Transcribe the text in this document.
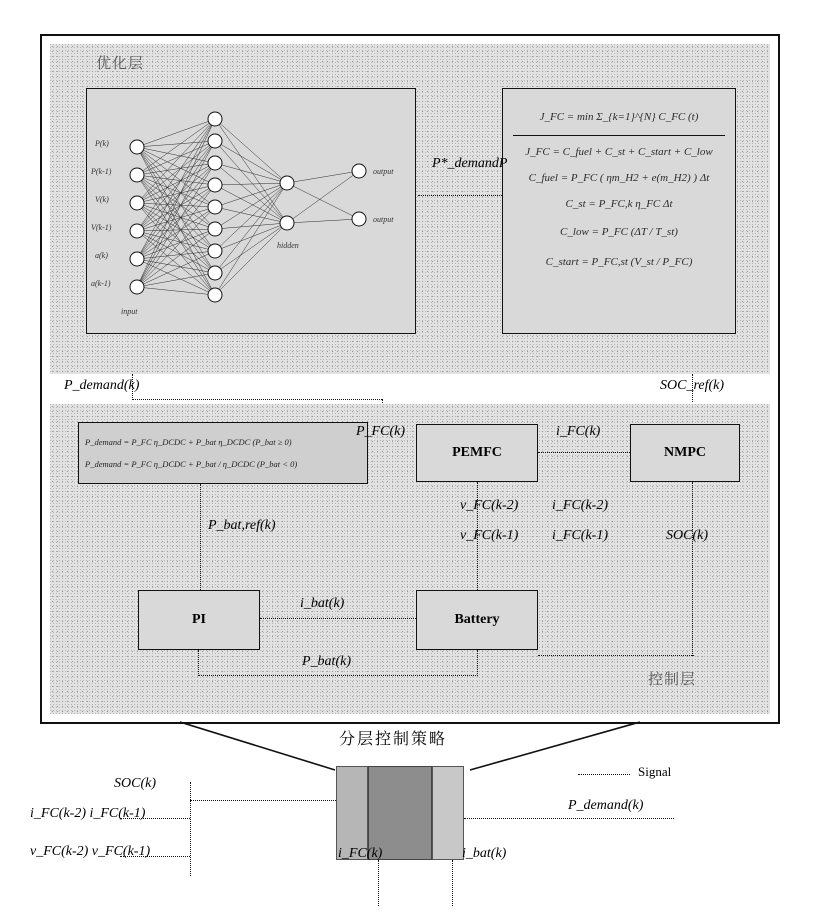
优化层
P(k)
P(k-1)
V(k)
V(k-1)
a(k)
a(k-1)
input
hidden
output
output
J_FC = min Σ_{k=1}^{N} C_FC (t)
J_FC = C_fuel + C_st + C_start + C_low
C_fuel = P_FC ( ηm_H2 + e(m_H2) ) Δt
C_st = P_FC,k η_FC Δt
C_low = P_FC (ΔT / T_st)
C_start = P_FC,st (V_st / P_FC)
P*_demandP
P_demand(k)	SOC_ref(k)
控制层
P_demand = P_FC η_DCDC + P_bat η_DCDC (P_bat ≥ 0)
P_demand = P_FC η_DCDC + P_bat / η_DCDC (P_bat < 0)
PEMFC	NMPC
PI	Battery
P_FC(k)	i_FC(k)
P_bat,ref(k)
SOC(k)
v_FC(k-2)
v_FC(k-1)
i_FC(k-2)
i_FC(k-1)
i_bat(k)
P_bat(k)
分层控制策略
SOC(k)
i_FC(k-2) i_FC(k-1)
v_FC(k-2) v_FC(k-1)
P_demand(k)
i_FC(k)	i_bat(k)
Signal
